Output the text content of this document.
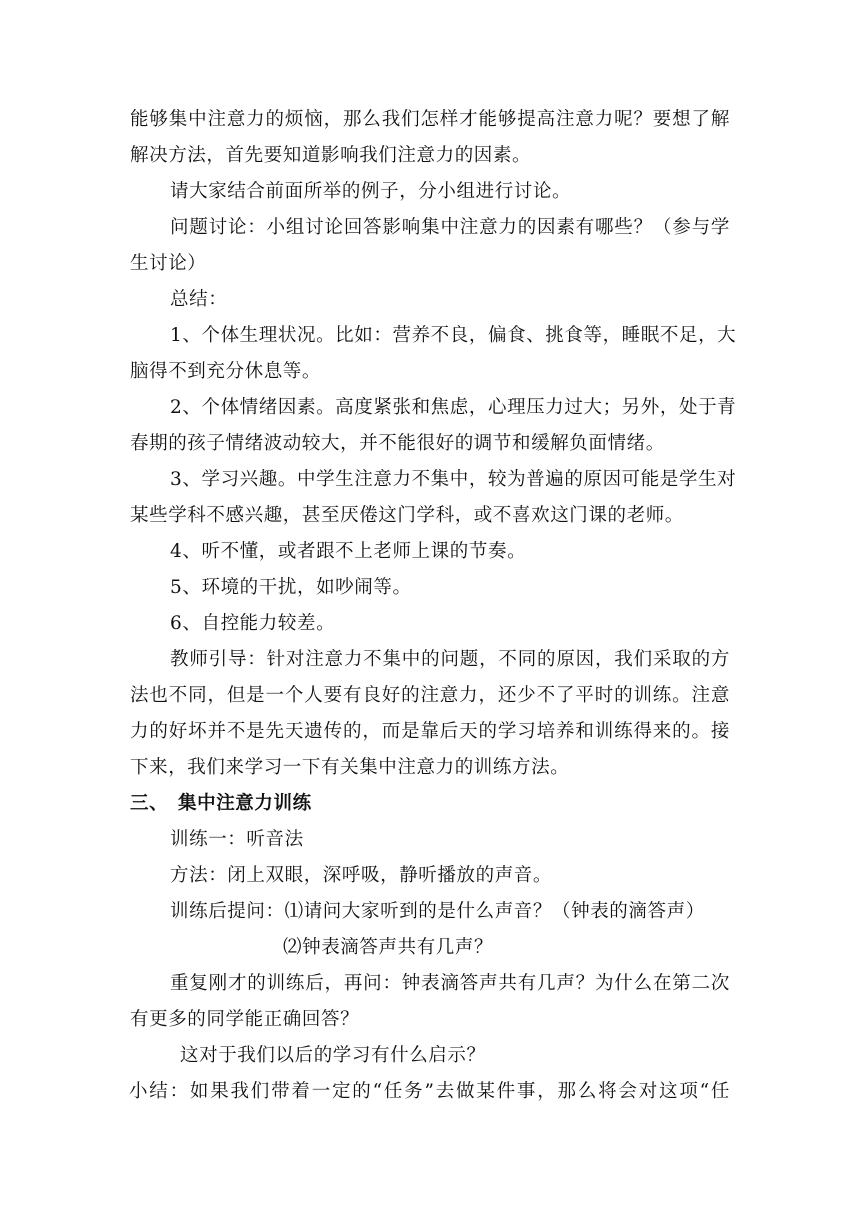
能够集中注意力的烦恼，那么我们怎样才能够提高注意力呢？要想了解
解决方法，首先要知道影响我们注意力的因素。
请大家结合前面所举的例子，分小组进行讨论。
问题讨论：小组讨论回答影响集中注意力的因素有哪些？（参与学
生讨论）
总结：
1、个体生理状况。比如：营养不良，偏食、挑食等，睡眠不足，大
脑得不到充分休息等。
2、个体情绪因素。高度紧张和焦虑，心理压力过大；另外，处于青
春期的孩子情绪波动较大，并不能很好的调节和缓解负面情绪。
3、学习兴趣。中学生注意力不集中，较为普遍的原因可能是学生对
某些学科不感兴趣，甚至厌倦这门学科，或不喜欢这门课的老师。
4、听不懂，或者跟不上老师上课的节奏。
5、环境的干扰，如吵闹等。
6、自控能力较差。
教师引导：针对注意力不集中的问题，不同的原因，我们采取的方
法也不同，但是一个人要有良好的注意力，还少不了平时的训练。注意
力的好坏并不是先天遗传的，而是靠后天的学习培养和训练得来的。接
下来，我们来学习一下有关集中注意力的训练方法。
三、 集中注意力训练
训练一：听音法
方法：闭上双眼，深呼吸，静听播放的声音。
训练后提问：⑴请问大家听到的是什么声音？（钟表的滴答声）
⑵钟表滴答声共有几声？
重复刚才的训练后，再问：钟表滴答声共有几声？为什么在第二次
有更多的同学能正确回答？
这对于我们以后的学习有什么启示？
小结：如果我们带着一定的“任务”去做某件事，那么将会对这项“任
